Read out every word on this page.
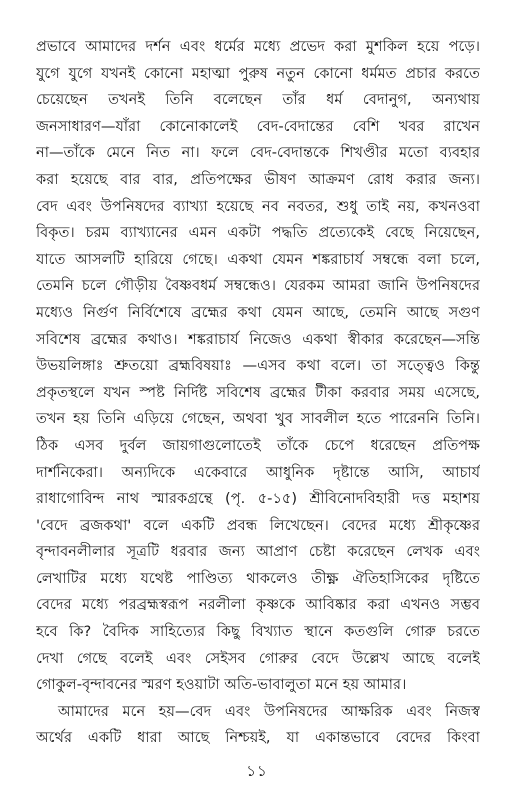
প্রভাবে আমাদের দর্শন এবং ধর্মের মধ্যে প্রভেদ করা মুশকিল হয়ে পড়ে।
যুগে যুগে যখনই কোনো মহাত্মা পুরুষ নতুন কোনো ধর্মমত প্রচার করতে
চেয়েছেন তখনই তিনি বলেছেন তাঁর ধর্ম বেদানুগ, অন্যথায়
জনসাধারণ—যাঁরা কোনোকালেই বেদ-বেদান্তের বেশি খবর রাখেন
না—তাঁকে মেনে নিত না। ফলে বেদ-বেদান্তকে শিখণ্ডীর মতো ব্যবহার
করা হয়েছে বার বার, প্রতিপক্ষের ভীষণ আক্রমণ রোধ করার জন্য।
বেদ এবং উপনিষদের ব্যাখ্যা হয়েছে নব নবতর, শুধু তাই নয়, কখনওবা
বিকৃত। চরম ব্যাখ্যানের এমন একটা পদ্ধতি প্রত্যেকেই বেছে নিয়েছেন,
যাতে আসলটি হারিয়ে গেছে। একথা যেমন শঙ্করাচার্য সম্বন্ধে বলা চলে,
তেমনি চলে গৌড়ীয় বৈষ্ণবধর্ম সম্বন্ধেও। যেরকম আমরা জানি উপনিষদের
মধ্যেও নির্গুণ নির্বিশেষে ব্রহ্মের কথা যেমন আছে, তেমনি আছে সগুণ
সবিশেষ ব্রহ্মের কথাও। শঙ্করাচার্য নিজেও একথা স্বীকার করেছেন—সন্তি
উভয়লিঙ্গাঃ শ্রুতয়ো ব্রহ্মবিষয়াঃ —এসব কথা বলে। তা সত্ত্বেও কিন্তু
প্রকৃতস্থলে যখন স্পষ্ট নির্দিষ্ট সবিশেষ ব্রহ্মের টীকা করবার সময় এসেছে,
তখন হয় তিনি এড়িয়ে গেছেন, অথবা খুব সাবলীল হতে পারেননি তিনি।
ঠিক এসব দুর্বল জায়গাগুলোতেই তাঁকে চেপে ধরেছেন প্রতিপক্ষ
দার্শনিকেরা। অন্যদিকে একেবারে আধুনিক দৃষ্টান্তে আসি, আচার্য
রাধাগোবিন্দ নাথ স্মারকগ্রন্থে (পৃ. ৫-১৫) শ্রীবিনোদবিহারী দত্ত মহাশয়
'বেদে ব্রজকথা' বলে একটি প্রবন্ধ লিখেছেন। বেদের মধ্যে শ্রীকৃষ্ণের
বৃন্দাবনলীলার সূত্রটি ধরবার জন্য আপ্রাণ চেষ্টা করেছেন লেখক এবং
লেখাটির মধ্যে যথেষ্ট পাণ্ডিত্য থাকলেও তীক্ষ্ণ ঐতিহাসিকের দৃষ্টিতে
বেদের মধ্যে পরব্রহ্মস্বরূপ নরলীলা কৃষ্ণকে আবিষ্কার করা এখনও সম্ভব
হবে কি? বৈদিক সাহিত্যের কিছু বিখ্যাত স্থানে কতগুলি গোরু চরতে
দেখা গেছে বলেই এবং সেইসব গোরুর বেদে উল্লেখ আছে বলেই
গোকুল-বৃন্দাবনের স্মরণ হওয়াটা অতি-ভাবালুতা মনে হয় আমার।
আমাদের মনে হয়—বেদ এবং উপনিষদের আক্ষরিক এবং নিজস্ব
অর্থের একটি ধারা আছে নিশ্চয়ই, যা একান্তভাবে বেদের কিংবা
১১
